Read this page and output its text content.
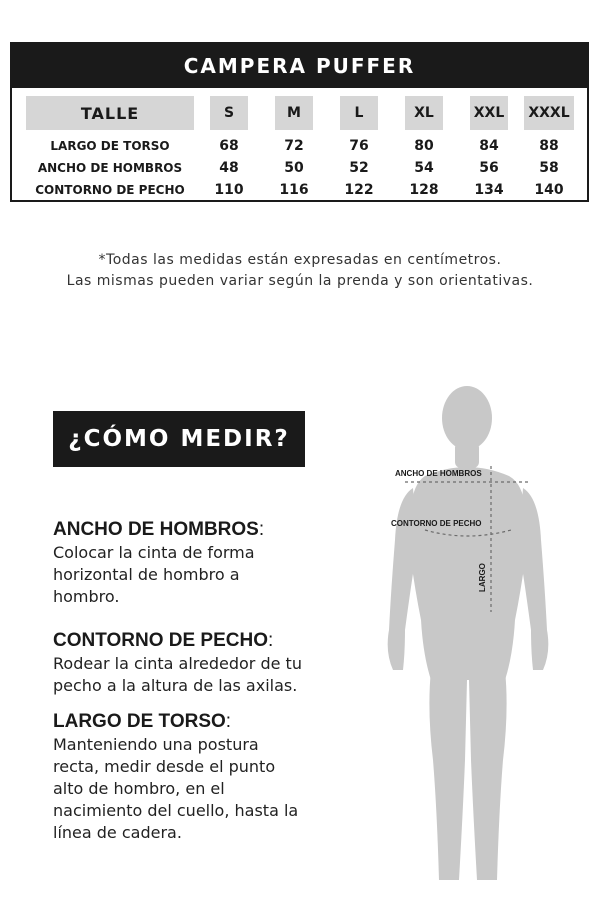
CAMPERA PUFFER
TALLE	S	M	L	XL	XXL	XXXL
LARGO DE TORSO	68	72	76	80	84	88
ANCHO DE HOMBROS	48	50	52	54	56	58
CONTORNO DE PECHO	110	116	122	128	134	140
*Todas las medidas están expresadas en centímetros.
Las mismas pueden variar según la prenda y son orientativas.
¿CÓMO MEDIR?
ANCHO DE HOMBROS:

Colocar la cinta de forma
horizontal de hombro a
hombro.

CONTORNO DE PECHO:

Rodear la cinta alrededor de tu
pecho a la altura de las axilas.

LARGO DE TORSO:

Manteniendo una postura
recta, medir desde el punto
alto de hombro, en el
nacimiento del cuello, hasta la
línea de cadera.

ANCHO DE HOMBROS
CONTORNO DE PECHO
LARGO
